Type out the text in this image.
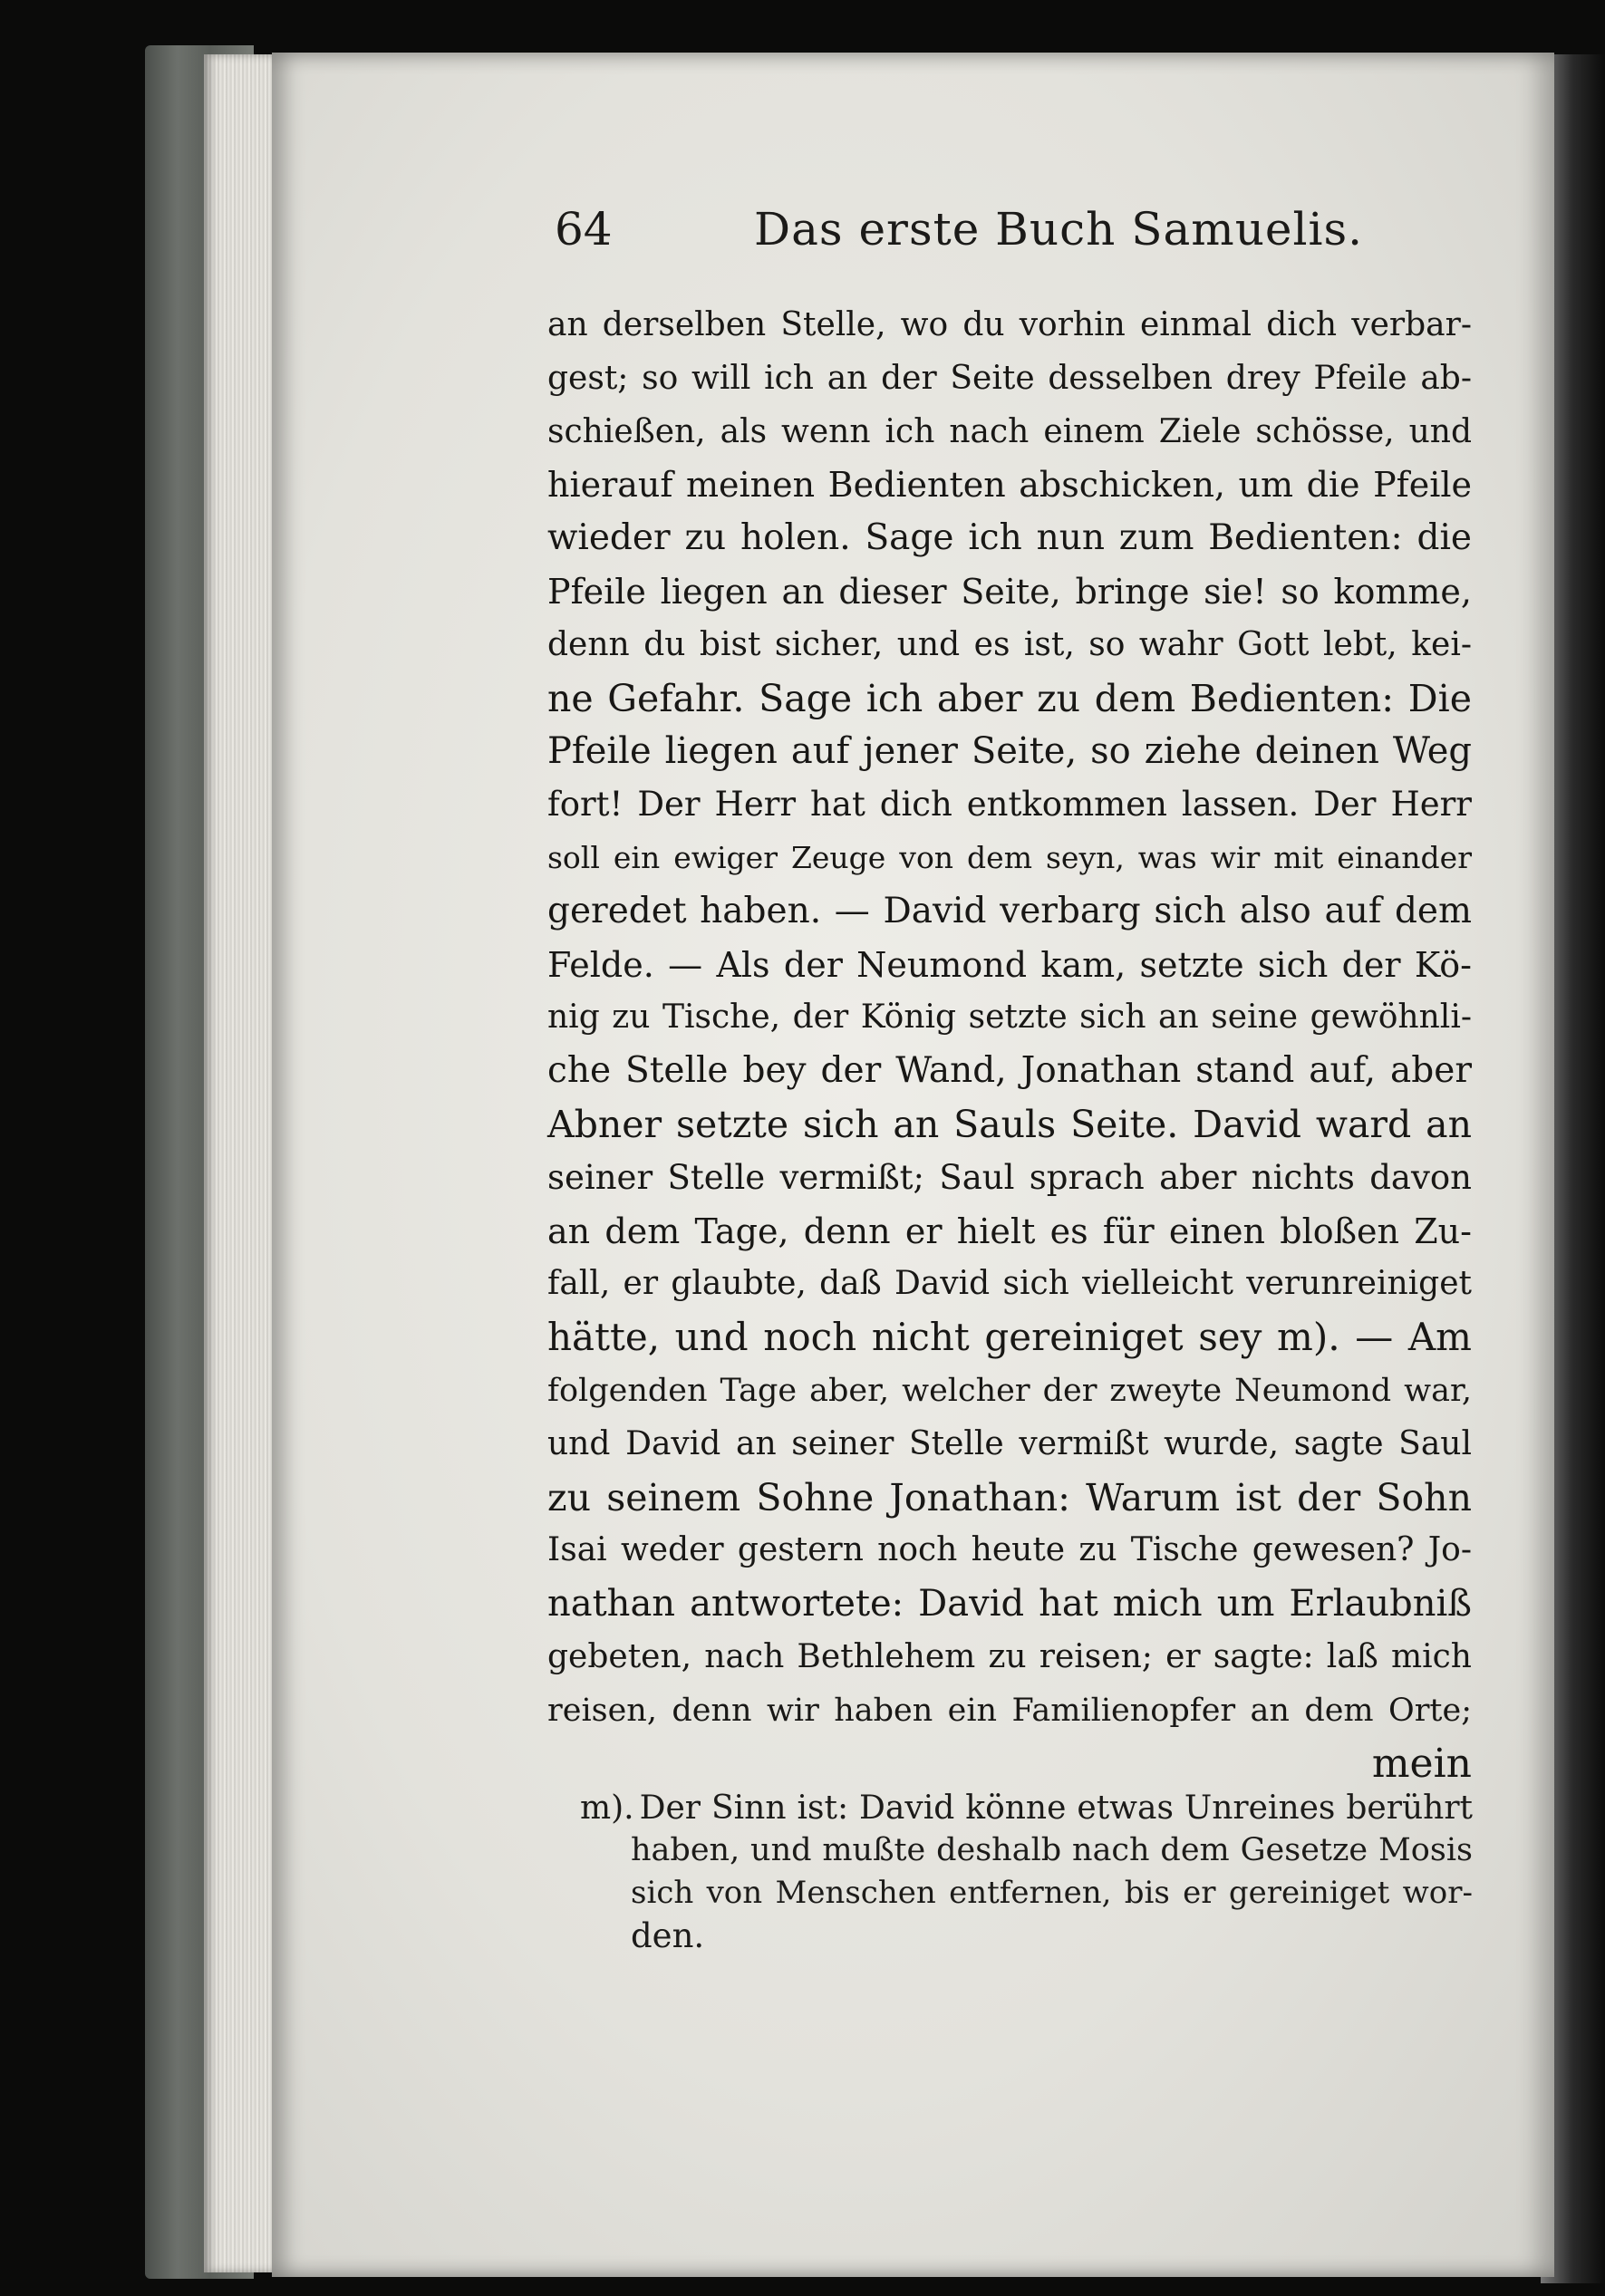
64	Das erste Buch Samuelis.
an derselben Stelle, wo du vorhin einmal dich verbar-
gest; so will ich an der Seite desselben drey Pfeile ab-
schießen, als wenn ich nach einem Ziele schösse, und
hierauf meinen Bedienten abschicken, um die Pfeile
wieder zu holen. Sage ich nun zum Bedienten: die
Pfeile liegen an dieser Seite, bringe sie! so komme,
denn du bist sicher, und es ist, so wahr Gott lebt, kei-
ne Gefahr. Sage ich aber zu dem Bedienten: Die
Pfeile liegen auf jener Seite, so ziehe deinen Weg
fort! Der Herr hat dich entkommen lassen. Der Herr
soll ein ewiger Zeuge von dem seyn, was wir mit einander
geredet haben. — David verbarg sich also auf dem
Felde. — Als der Neumond kam, setzte sich der Kö-
nig zu Tische, der König setzte sich an seine gewöhnli-
che Stelle bey der Wand, Jonathan stand auf, aber
Abner setzte sich an Sauls Seite. David ward an
seiner Stelle vermißt; Saul sprach aber nichts davon
an dem Tage, denn er hielt es für einen bloßen Zu-
fall, er glaubte, daß David sich vielleicht verunreiniget
hätte, und noch nicht gereiniget sey m). — Am
folgenden Tage aber, welcher der zweyte Neumond war,
und David an seiner Stelle vermißt wurde, sagte Saul
zu seinem Sohne Jonathan: Warum ist der Sohn
Isai weder gestern noch heute zu Tische gewesen? Jo-
nathan antwortete: David hat mich um Erlaubniß
gebeten, nach Bethlehem zu reisen; er sagte: laß mich
reisen, denn wir haben ein Familienopfer an dem Orte;
mein
m). Der Sinn ist: David könne etwas Unreines berührt
haben, und mußte deshalb nach dem Gesetze Mosis
sich von Menschen entfernen, bis er gereiniget wor-
den.
